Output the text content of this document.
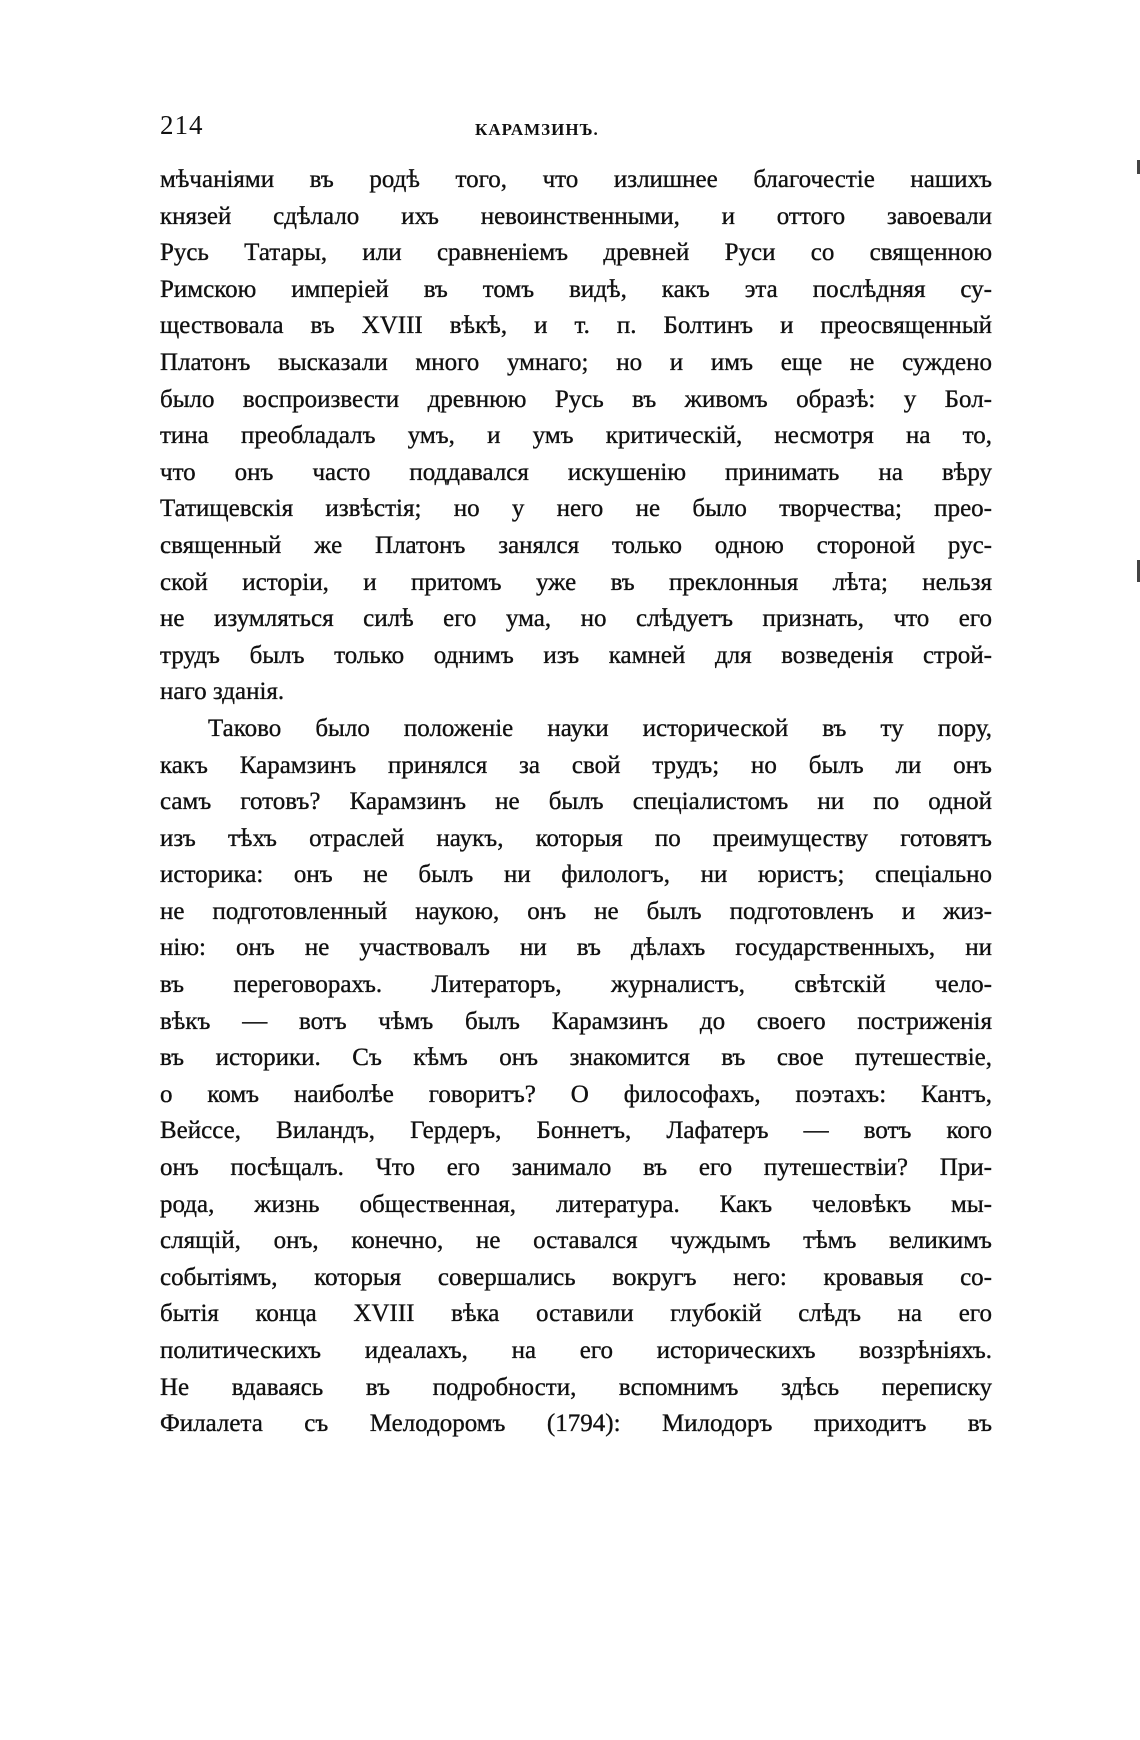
214	КАРАМЗИНЪ.
мѣчаніями въ родѣ того, что излишнее благочестіе нашихъ
князей сдѣлало ихъ невоинственными, и оттого завоевали
Русь Татары, или сравненіемъ древней Руси со священною
Римскою имперіей въ томъ видѣ, какъ эта послѣдняя су-
ществовала въ XVIII вѣкѣ, и т. п. Болтинъ и преосвященный
Платонъ высказали много умнаго; но и имъ еще не суждено
было воспроизвести древнюю Русь въ живомъ образѣ: у Бол-
тина преобладалъ умъ, и умъ критическій, несмотря на то,
что онъ часто поддавался искушенію принимать на вѣру
Татищевскія извѣстія; но у него не было творчества; прео-
священный же Платонъ занялся только одною стороной рус-
ской исторіи, и притомъ уже въ преклонныя лѣта; нельзя
не изумляться силѣ его ума, но слѣдуетъ признать, что его
трудъ былъ только однимъ изъ камней для возведенія строй-
наго зданія.
Таково было положеніе науки исторической въ ту пору,
какъ Карамзинъ принялся за свой трудъ; но былъ ли онъ
самъ готовъ? Карамзинъ не былъ спеціалистомъ ни по одной
изъ тѣхъ отраслей наукъ, которыя по преимуществу готовятъ
историка: онъ не былъ ни филологъ, ни юристъ; спеціально
не подготовленный наукою, онъ не былъ подготовленъ и жиз-
нію: онъ не участвовалъ ни въ дѣлахъ государственныхъ, ни
въ переговорахъ. Литераторъ, журналистъ, свѣтскій чело-
вѣкъ — вотъ чѣмъ былъ Карамзинъ до своего постриженія
въ историки. Съ кѣмъ онъ знакомится въ свое путешествіе,
о комъ наиболѣе говоритъ? О философахъ, поэтахъ: Кантъ,
Вейссе, Виландъ, Гердеръ, Боннетъ, Лафатеръ — вотъ кого
онъ посѣщалъ. Что его занимало въ его путешествіи? При-
рода, жизнь общественная, литература. Какъ человѣкъ мы-
слящій, онъ, конечно, не оставался чуждымъ тѣмъ великимъ
событіямъ, которыя совершались вокругъ него: кровавыя со-
бытія конца XVIII вѣка оставили глубокій слѣдъ на его
политическихъ идеалахъ, на его историческихъ воззрѣніяхъ.
Не вдаваясь въ подробности, вспомнимъ здѣсь переписку
Филалета съ Мелодоромъ (1794): Милодоръ приходитъ въ
